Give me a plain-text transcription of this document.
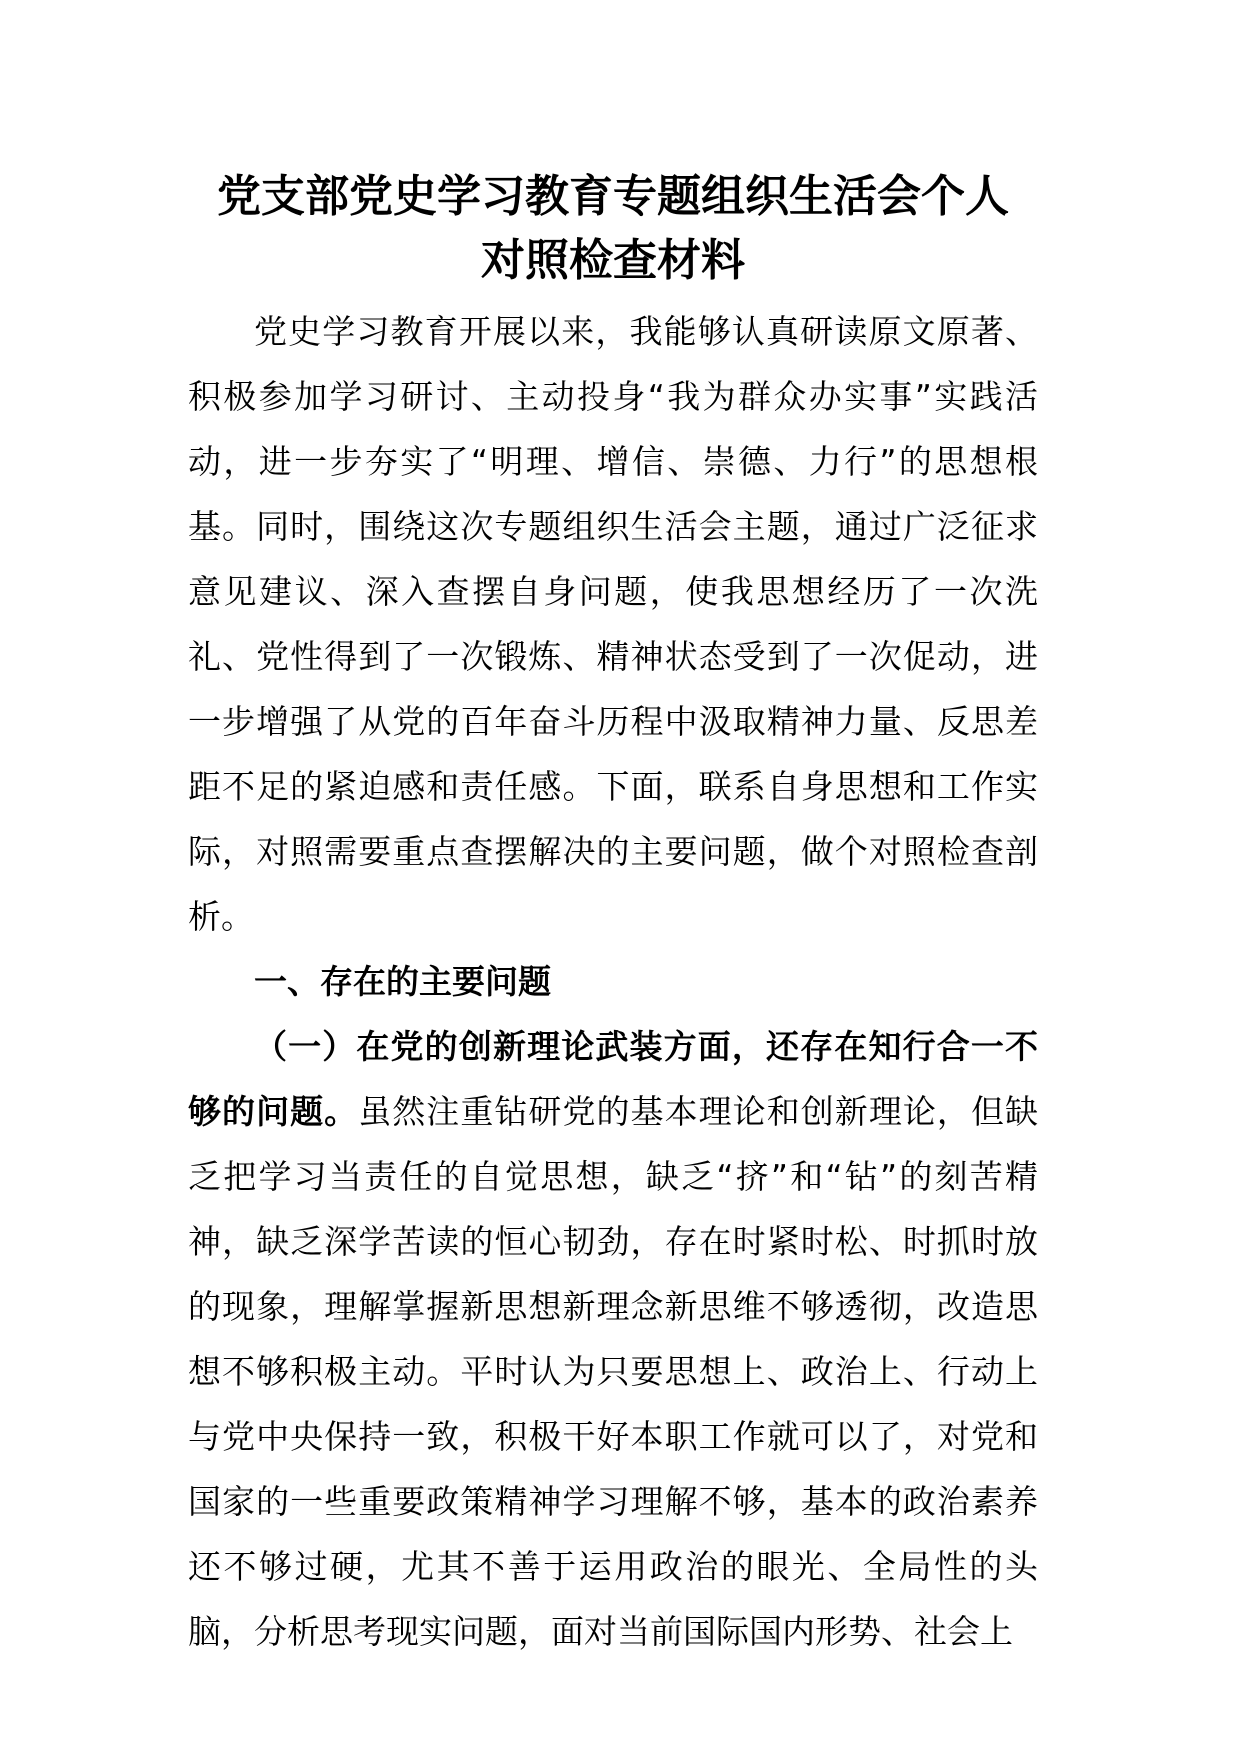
党支部党史学习教育专题组织生活会个人
对照检查材料

党史学习教育开展以来，我能够认真研读原文原著、积极参加学习研讨、主动投身“我为群众办实事”实践活动，进一步夯实了“明理、增信、崇德、力行”的思想根基。同时，围绕这次专题组织生活会主题，通过广泛征求意见建议、深入查摆自身问题，使我思想经历了一次洗礼、党性得到了一次锻炼、精神状态受到了一次促动，进一步增强了从党的百年奋斗历程中汲取精神力量、反思差距不足的紧迫感和责任感。下面，联系自身思想和工作实际，对照需要重点查摆解决的主要问题，做个对照检查剖析。

一、存在的主要问题

（一）在党的创新理论武装方面，还存在知行合一不够的问题。虽然注重钻研党的基本理论和创新理论，但缺乏把学习当责任的自觉思想，缺乏“挤”和“钻”的刻苦精神，缺乏深学苦读的恒心韧劲，存在时紧时松、时抓时放的现象，理解掌握新思想新理念新思维不够透彻，改造思想不够积极主动。平时认为只要思想上、政治上、行动上与党中央保持一致，积极干好本职工作就可以了，对党和国家的一些重要政策精神学习理解不够，基本的政治素养还不够过硬，尤其不善于运用政治的眼光、全局性的头脑，分析思考现实问题，面对当前国际国内形势、社会上
